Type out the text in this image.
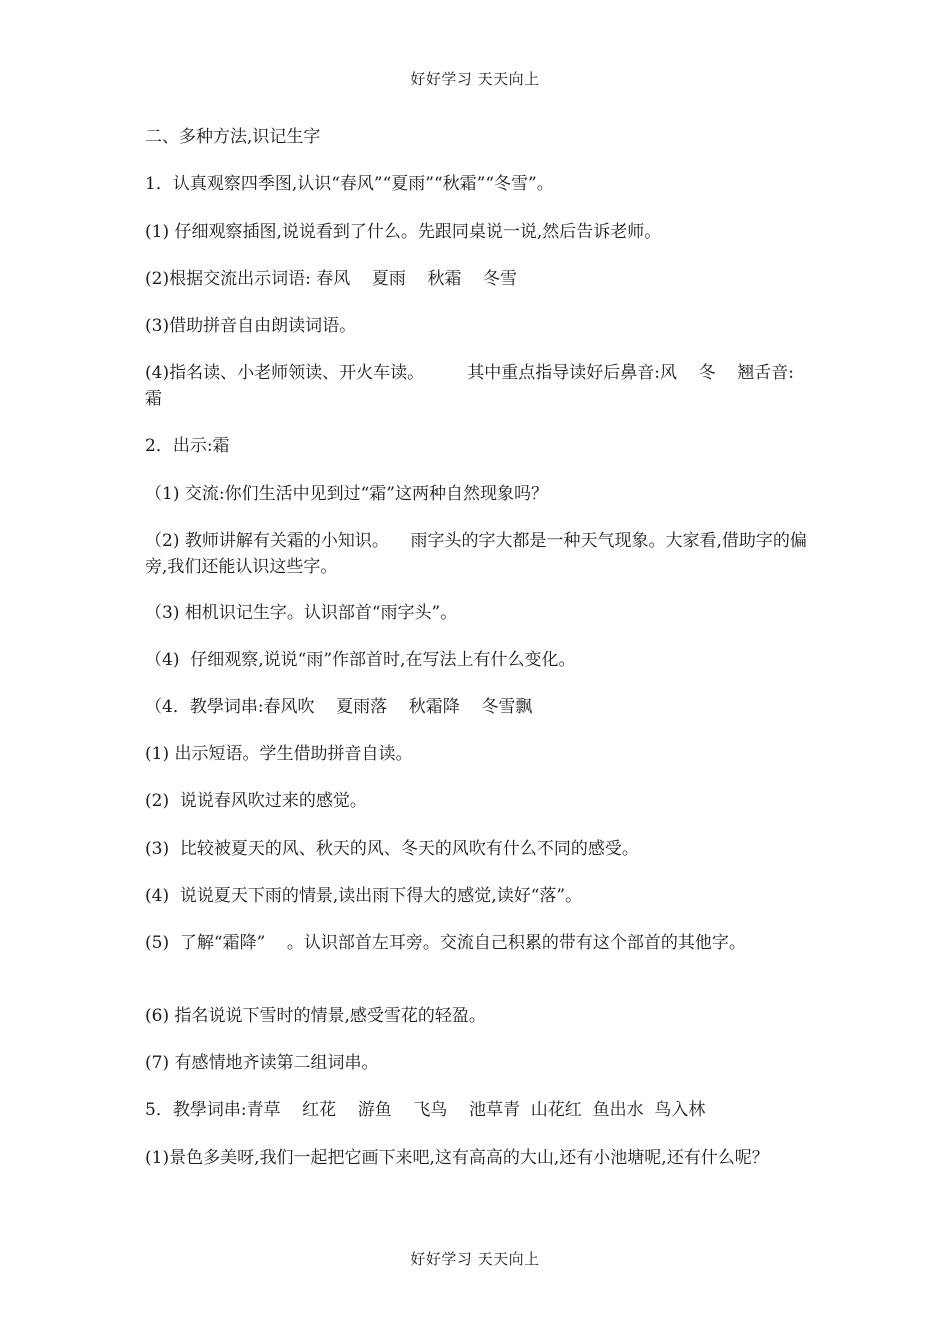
好好学习 天天向上
二、多种方法,识记生字
1．认真观察四季图,认识“春风”“夏雨”“秋霜”“冬雪”。
(1) 仔细观察插图,说说看到了什么。先跟同桌说一说,然后告诉老师。
(2)根据交流出示词语: 春风    夏雨    秋霜    冬雪
(3)借助拼音自由朗读词语。
(4)指名读、小老师领读、开火车读。        其中重点指导读好后鼻音:风    冬    翘舌音:霜
2．出示:霜
（1) 交流:你们生活中见到过“霜”这两种自然现象吗？
（2) 教师讲解有关霜的小知识。    雨字头的字大都是一种天气现象。大家看,借助字的偏旁,我们还能认识这些字。
（3) 相机识记生字。认识部首“雨字头”。
（4)  仔细观察,说说“雨”作部首时,在写法上有什么变化。
（4．教學词串:春风吹    夏雨落    秋霜降    冬雪飘
(1) 出示短语。学生借助拼音自读。
(2)  说说春风吹过来的感觉。
(3)  比较被夏天的风、秋天的风、冬天的风吹有什么不同的感受。
(4)  说说夏天下雨的情景,读出雨下得大的感觉,读好“落”。
(5)  了解“霜降”    。认识部首左耳旁。交流自己积累的带有这个部首的其他字。
(6) 指名说说下雪时的情景,感受雪花的轻盈。
(7) 有感情地齐读第二组词串。
5．教學词串:青草    红花    游鱼    飞鸟    池草青  山花红  鱼出水  鸟入林
(1)景色多美呀,我们一起把它画下来吧,这有高高的大山,还有小池塘呢,还有什么呢？
好好学习 天天向上
